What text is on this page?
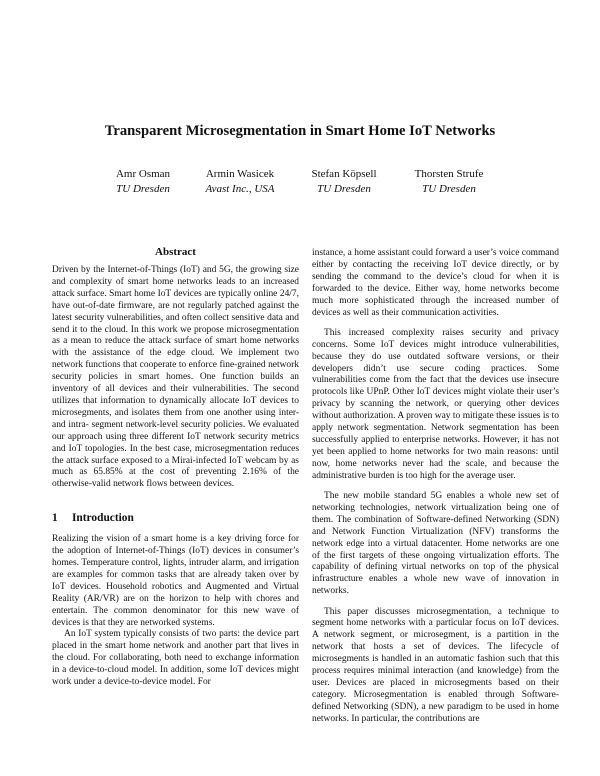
Transparent Microsegmentation in Smart Home IoT Networks
Amr Osman
TU Dresden
Armin Wasicek
Avast Inc., USA
Stefan Köpsell
TU Dresden
Thorsten Strufe
TU Dresden
Abstract

Driven by the Internet-of-Things (IoT) and 5G, the growing size and complexity of smart home networks leads to an increased attack surface. Smart home IoT devices are typically online 24/7, have out-of-date firmware, are not regularly patched against the latest security vulnerabilities, and often collect sensitive data and send it to the cloud. In this work we propose microsegmentation as a mean to reduce the attack surface of smart home networks with the assistance of the edge cloud. We implement two network functions that cooperate to enforce fine-grained network security policies in smart homes. One function builds an inventory of all devices and their vulnerabilities. The second utilizes that information to dynamically allocate IoT devices to microsegments, and isolates them from one another using inter- and intra- segment network-level security policies. We evaluated our approach using three different IoT network security metrics and IoT topologies. In the best case, microsegmentation reduces the attack surface exposed to a Mirai-infected IoT webcam by as much as 65.85% at the cost of preventing 2.16% of the otherwise-valid network flows between devices.

1 Introduction

Realizing the vision of a smart home is a key driving force for the adoption of Internet-of-Things (IoT) devices in consumer’s homes. Temperature control, lights, intruder alarm, and irrigation are examples for common tasks that are already taken over by IoT devices. Household robotics and Augmented and Virtual Reality (AR/VR) are on the horizon to help with chores and entertain. The common denominator for this new wave of devices is that they are networked systems.

An IoT system typically consists of two parts: the device part placed in the smart home network and another part that lives in the cloud. For collaborating, both need to exchange information in a device-to-cloud model. In addition, some IoT devices might work under a device-to-device model. For

instance, a home assistant could forward a user’s voice command either by contacting the receiving IoT device directly, or by sending the command to the device’s cloud for when it is forwarded to the device. Either way, home networks become much more sophisticated through the increased number of devices as well as their communication activities.

This increased complexity raises security and privacy concerns. Some IoT devices might introduce vulnerabilities, because they do use outdated software versions, or their developers didn’t use secure coding practices. Some vulnerabilities come from the fact that the devices use insecure protocols like UPnP. Other IoT devices might violate their user’s privacy by scanning the network, or querying other devices without authorization. A proven way to mitigate these issues is to apply network segmentation. Network segmentation has been successfully applied to enterprise networks. However, it has not yet been applied to home networks for two main reasons: until now, home networks never had the scale, and because the administrative burden is too high for the average user.

The new mobile standard 5G enables a whole new set of networking technologies, network virtualization being one of them. The combination of Software-defined Networking (SDN) and Network Function Virtualization (NFV) transforms the network edge into a virtual datacenter. Home networks are one of the first targets of these ongoing virtualization efforts. The capability of defining virtual networks on top of the physical infrastructure enables a whole new wave of innovation in networks.

This paper discusses microsegmentation, a technique to segment home networks with a particular focus on IoT devices. A network segment, or microsegment, is a partition in the network that hosts a set of devices. The lifecycle of microsegments is handled in an automatic fashion such that this process requires minimal interaction (and knowledge) from the user. Devices are placed in microsegments based on their category. Microsegmentation is enabled through Software-defined Networking (SDN), a new paradigm to be used in home networks. In particular, the contributions are
